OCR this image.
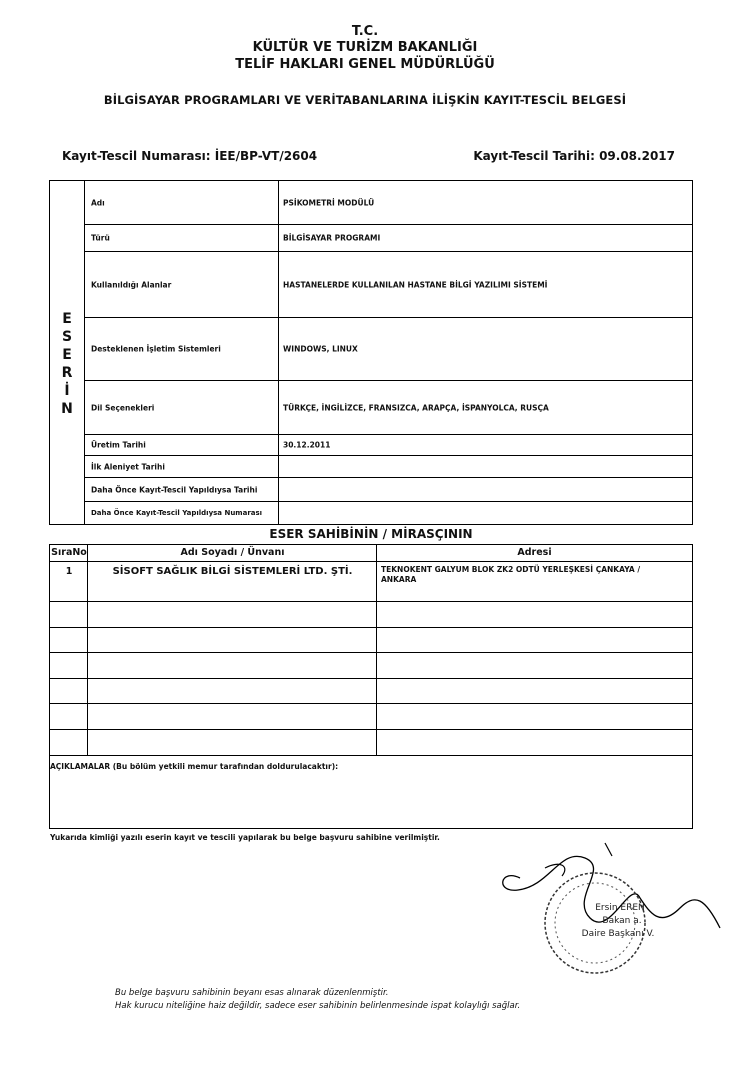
T.C.
KÜLTÜR VE TURİZM BAKANLIĞI
TELİF HAKLARI GENEL MÜDÜRLÜĞÜ
BİLGİSAYAR PROGRAMLARI VE VERİTABANLARINA İLİŞKİN KAYIT-TESCİL BELGESİ
Kayıt-Tescil Numarası: İEE/BP-VT/2604	Kayıt-Tescil Tarihi: 09.08.2017
E
S
E
R
İ
N
Adı	PSİKOMETRİ MODÜLÜ
Türü	BİLGİSAYAR PROGRAMI
Kullanıldığı Alanlar	HASTANELERDE KULLANILAN HASTANE BİLGİ YAZILIMI SİSTEMİ
Desteklenen İşletim Sistemleri	WINDOWS, LINUX
Dil Seçenekleri	TÜRKÇE, İNGİLİZCE, FRANSIZCA, ARAPÇA, İSPANYOLCA, RUSÇA
Üretim Tarihi	30.12.2011
İlk Aleniyet Tarihi
Daha Önce Kayıt-Tescil Yapıldıysa Tarihi
Daha Önce Kayıt-Tescil Yapıldıysa Numarası
ESER SAHİBİNİN / MİRASÇININ
SıraNo	Adı Soyadı / Ünvanı	Adresi
1	SİSOFT SAĞLIK BİLGİ SİSTEMLERİ LTD. ŞTİ.	TEKNOKENT GALYUM BLOK ZK2 ODTÜ YERLEŞKESİ ÇANKAYA /
ANKARA
AÇIKLAMALAR (Bu bölüm yetkili memur tarafından doldurulacaktır):
Yukarıda kimliği yazılı eserin kayıt ve tescili yapılarak bu belge başvuru sahibine verilmiştir.
Ersin EREN
Bakan a.
Daire Başkanı V.
Bu belge başvuru sahibinin beyanı esas alınarak düzenlenmiştir.
Hak kurucu niteliğine haiz değildir, sadece eser sahibinin belirlenmesinde ispat kolaylığı sağlar.
